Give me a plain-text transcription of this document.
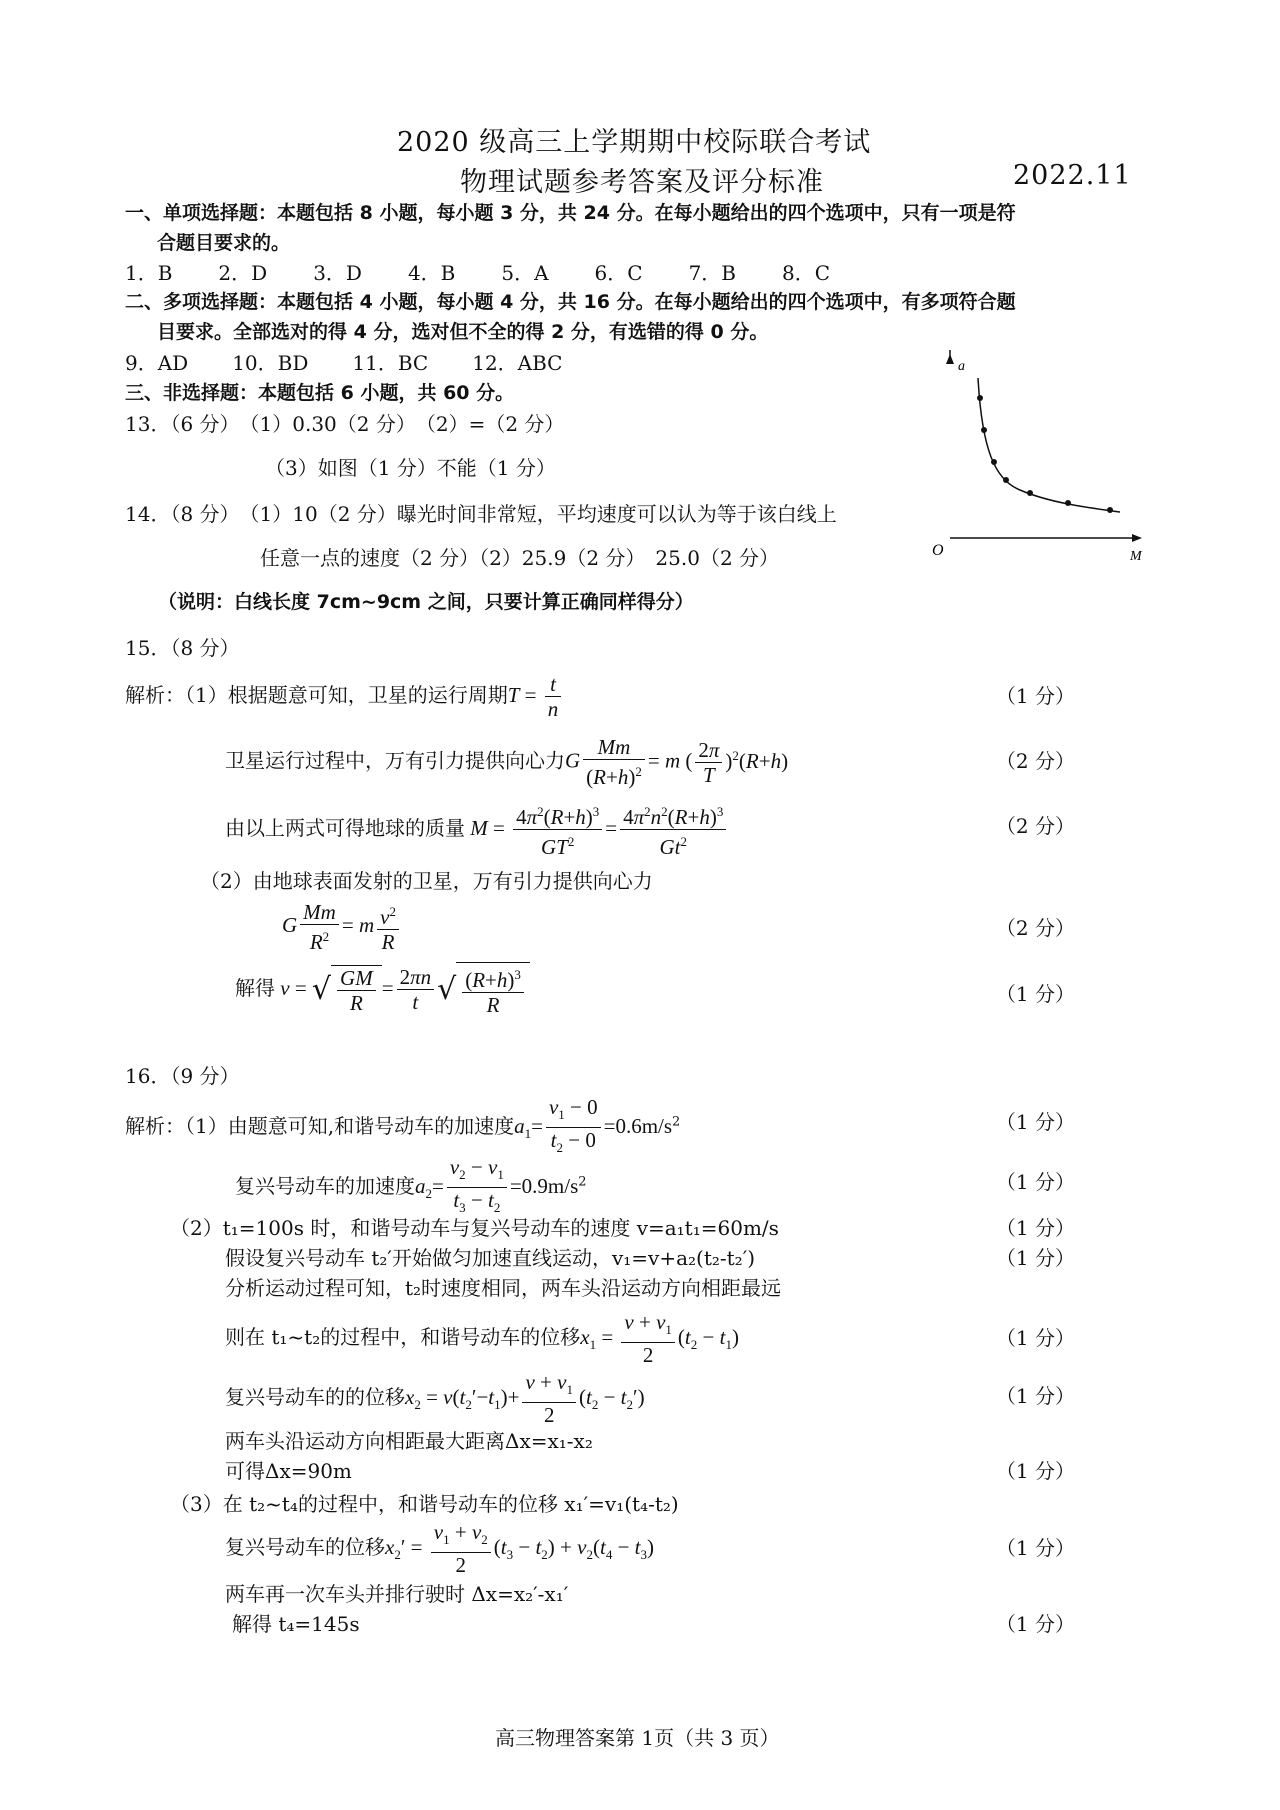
2020 级高三上学期期中校际联合考试
物理试题参考答案及评分标准	2022.11
一、单项选择题：本题包括 8 小题，每小题 3 分，共 24 分。在每小题给出的四个选项中，只有一项是符
合题目要求的。
1．B 2．D 3．D 4．B 5．A 6．C 7．B 8．C
二、多项选择题：本题包括 4 小题，每小题 4 分，共 16 分。在每小题给出的四个选项中，有多项符合题
目要求。全部选对的得 4 分，选对但不全的得 2 分，有选错的得 0 分。
9．AD 10．BD 11．BC 12．ABC
三、非选择题：本题包括 6 小题，共 60 分。
13．（6 分）　（1）0.30（2 分）　（2）=（2 分）
（3）如图（1 分）不能（1 分）
14．（8 分）　（1）10（2 分）曝光时间非常短，平均速度可以认为等于该白线上
任意一点的速度（2 分）（2）25.9（2 分）　25.0（2 分）
（说明：白线长度 7cm~9cm 之间，只要计算正确同样得分）
a
M
O
15．（8 分）
解析：（1）根据题意可知，卫星的运行周期$T = \frac{t}{n}$	（1 分）
卫星运行过程中，万有引力提供向心力G $\frac{Mm}{(R+h)^2} = m$ ( $\frac{2\pi}{T} )^2(R+h)$	（2 分）
由以上两式可得地球的质量 $M = \frac{4\pi^2(R+h)^3}{GT^2} = \frac{4\pi^2n^2(R+h)^3}{Gt^2}$	（2 分）
（2）由地球表面发射的卫星，万有引力提供向心力
G $\frac{Mm}{R^2} = m \frac{v^2}{R}$	（2 分）
解得 v = √ $\frac{GM}{R} = \frac{2\pi n}{t}$ √ $\frac{(R+h)^3}{R}$	（1 分）
16．（9 分）
解析：（1）由题意可知,和谐号动车的加速度$a_1= \frac{v_1 - 0}{t_2 - 0} =0.6m/s^2$	（1 分）
复兴号动车的加速度$a_2= \frac{v_2 - v_1}{t_3 - t_2} =0.9m/s^2$	（1 分）
（2）t₁=100s 时，和谐号动车与复兴号动车的速度 v=a₁t₁=60m/s	（1 分）
假设复兴号动车 t₂′开始做匀加速直线运动，v₁=v+a₂(t₂-t₂′)	（1 分）
分析运动过程可知，t₂时速度相同，两车头沿运动方向相距最远
则在 t₁~t₂的过程中，和谐号动车的位移$x_1 = \frac{v + v_1}{2} (t_2 - t_1)$	（1 分）
复兴号动车的的位移$x_2 = v(t_2'-t_1)+ \frac{v + v_1}{2} (t_2 - t_2')$	（1 分）
两车头沿运动方向相距最大距离Δx=x₁-x₂
可得Δx=90m	（1 分）
（3）在 t₂~t₄的过程中，和谐号动车的位移 x₁′=v₁(t₄-t₂)
复兴号动车的位移$x_2' = \frac{v_1 + v_2}{2} (t_3 - t_2) + v_2(t_4 - t_3)$	（1 分）
两车再一次车头并排行驶时 Δx=x₂′-x₁′
解得 t₄=145s	（1 分）
高三物理答案第 1页（共 3 页）
